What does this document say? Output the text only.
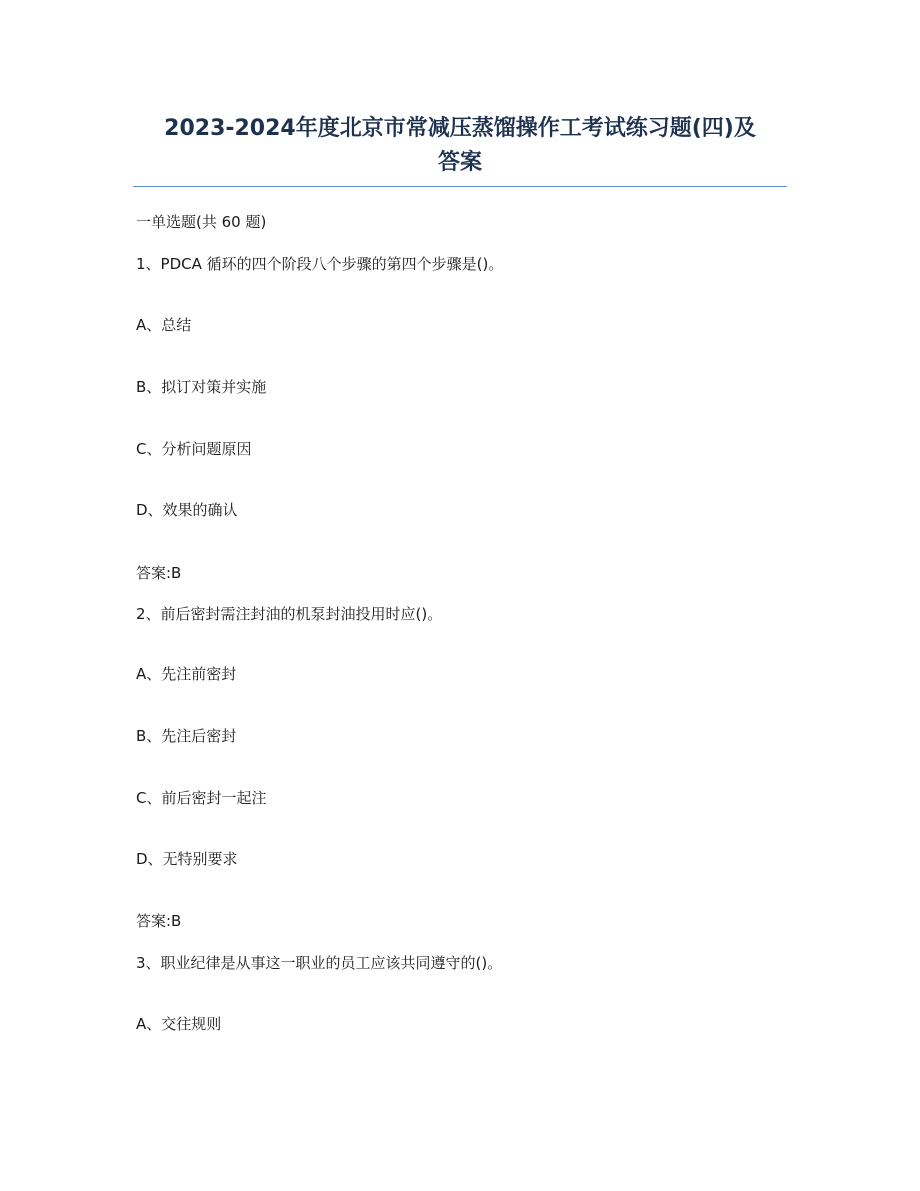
2023-2024年度北京市常减压蒸馏操作工考试练习题(四)及
答案
一单选题(共 60 题)
1、PDCA 循环的四个阶段八个步骤的第四个步骤是()。
A、总结
B、拟订对策并实施
C、分析问题原因
D、效果的确认
答案:B
2、前后密封需注封油的机泵封油投用时应()。
A、先注前密封
B、先注后密封
C、前后密封一起注
D、无特别要求
答案:B
3、职业纪律是从事这一职业的员工应该共同遵守的()。
A、交往规则
